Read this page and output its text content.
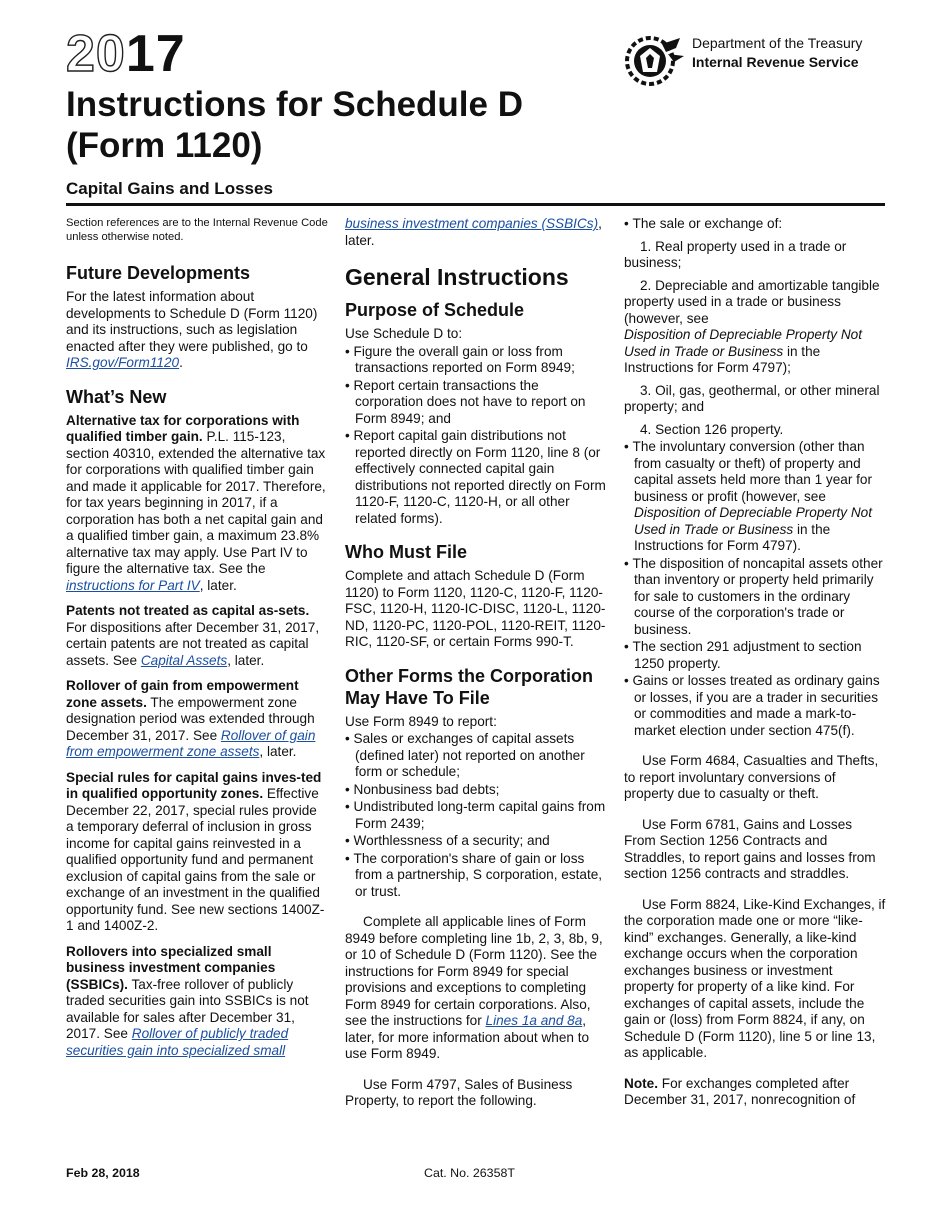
2017
Instructions for Schedule D
(Form 1120)
Capital Gains and Losses
Department of the Treasury
Internal Revenue Service

Section references are to the Internal Revenue Code unless otherwise noted.

Future Developments

For the latest information about developments to Schedule D (Form 1120) and its instructions, such as legislation enacted after they were published, go to IRS.gov/Form1120.

What’s New

Alternative tax for corporations with qualified timber gain. P.L. 115-123, section 40310, extended the alternative tax for corporations with qualified timber gain and made it applicable for 2017. Therefore, for tax years beginning in 2017, if a corporation has both a net capital gain and a qualified timber gain, a maximum 23.8% alternative tax may apply. Use Part IV to figure the alternative tax. See the instructions for Part IV, later.

Patents not treated as capital as-sets. For dispositions after December 31, 2017, certain patents are not treated as capital assets. See Capital Assets, later.

Rollover of gain from empowerment zone assets. The empowerment zone designation period was extended through December 31, 2017. See Rollover of gain from empowerment zone assets, later.

Special rules for capital gains inves-ted in qualified opportunity zones. Effective December 22, 2017, special rules provide a temporary deferral of inclusion in gross income for capital gains reinvested in a qualified opportunity fund and permanent exclusion of capital gains from the sale or exchange of an investment in the qualified opportunity fund. See new sections 1400Z-1 and 1400Z-2.

Rollovers into specialized small business investment companies (SSBICs). Tax-free rollover of publicly traded securities gain into SSBICs is not available for sales after December 31, 2017. See Rollover of publicly traded securities gain into specialized small

business investment companies (SSBICs), later.

General Instructions
Purpose of Schedule

Use Schedule D to:

• Figure the overall gain or loss from transactions reported on Form 8949;

• Report certain transactions the corporation does not have to report on Form 8949; and

• Report capital gain distributions not reported directly on Form 1120, line 8 (or effectively connected capital gain distributions not reported directly on Form 1120-F, 1120-C, 1120-H, or all other related forms).

Who Must File

Complete and attach Schedule D (Form 1120) to Form 1120, 1120-C, 1120-F, 1120-FSC, 1120-H, 1120-IC-DISC, 1120-L, 1120-ND, 1120-PC, 1120-POL, 1120-REIT, 1120-RIC, 1120-SF, or certain Forms 990-T.

Other Forms the Corporation May Have To File

Use Form 8949 to report:

• Sales or exchanges of capital assets (defined later) not reported on another form or schedule;

• Nonbusiness bad debts;

• Undistributed long-term capital gains from Form 2439;

• Worthlessness of a security; and

• The corporation's share of gain or loss from a partnership, S corporation, estate, or trust.

Complete all applicable lines of Form 8949 before completing line 1b, 2, 3, 8b, 9, or 10 of Schedule D (Form 1120). See the instructions for Form 8949 for special provisions and exceptions to completing Form 8949 for certain corporations. Also, see the instructions for Lines 1a and 8a, later, for more information about when to use Form 8949.

Use Form 4797, Sales of Business Property, to report the following.

• The sale or exchange of:

1. Real property used in a trade or business;

2. Depreciable and amortizable tangible property used in a trade or business (however, seeDisposition of Depreciable Property Not Used in Trade or Business in the Instructions for Form 4797);

3. Oil, gas, geothermal, or other mineral property; and

4. Section 126 property.

• The involuntary conversion (other than from casualty or theft) of property and capital assets held more than 1 year for business or profit (however, see Disposition of Depreciable Property Not Used in Trade or Business in the Instructions for Form 4797).

• The disposition of noncapital assets other than inventory or property held primarily for sale to customers in the ordinary course of the corporation's trade or business.

• The section 291 adjustment to section 1250 property.

• Gains or losses treated as ordinary gains or losses, if you are a trader in securities or commodities and made a mark-to-market election under section 475(f).

Use Form 4684, Casualties and Thefts, to report involuntary conversions of property due to casualty or theft.

Use Form 6781, Gains and Losses From Section 1256 Contracts and Straddles, to report gains and losses from section 1256 contracts and straddles.

Use Form 8824, Like-Kind Exchanges, if the corporation made one or more “like-kind” exchanges. Generally, a like-kind exchange occurs when the corporation exchanges business or investment property for property of a like kind. For exchanges of capital assets, include the gain or (loss) from Form 8824, if any, on Schedule D (Form 1120), line 5 or line 13, as applicable.

Note. For exchanges completed after December 31, 2017, nonrecognition of

Feb 28, 2018	Cat. No. 26358T
